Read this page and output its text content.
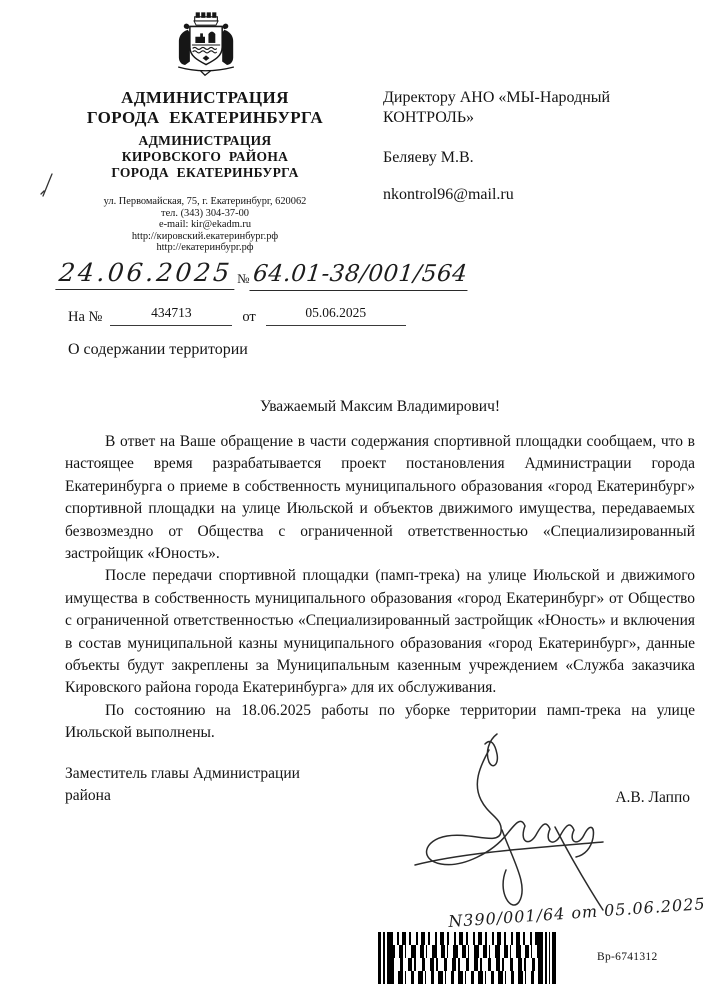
АДМИНИСТРАЦИЯ
ГОРОДА ЕКАТЕРИНБУРГА
АДМИНИСТРАЦИЯ
КИРОВСКОГО РАЙОНА
ГОРОДА ЕКАТЕРИНБУРГА
ул. Первомайская, 75, г. Екатеринбург, 620062
тел. (343) 304-37-00
e-mail: kir@ekadm.ru
http://кировский.екатеринбург.рф
http://екатеринбург.рф
Директору АНО «МЫ-Народный
КОНТРОЛЬ»
Беляеву М.В.
nkontrol96@mail.ru
24.06.2025 №64.01-38/001/564
На №	434713	от	05.06.2025
О содержании территории
Уважаемый Максим Владимирович!

В ответ на Ваше обращение в части содержания спортивной площадки сообщаем, что в настоящее время разрабатывается проект постановления Администрации города Екатеринбурга о приеме в собственность муниципального образования «город Екатеринбург» спортивной площадки на улице Июльской и объектов движимого имущества, передаваемых безвозмездно от Общества с ограниченной ответственностью «Специализированный застройщик «Юность».

После передачи спортивной площадки (памп-трека) на улице Июльской и движимого имущества в собственность муниципального образования «город Екатеринбург» от Общество с ограниченной ответственностью «Специализированный застройщик «Юность» и включения в состав муниципальной казны муниципального образования «город Екатеринбург», данные объекты будут закреплены за Муниципальным казенным учреждением «Служба заказчика Кировского района города Екатеринбурга» для их обслуживания.

По состоянию на 18.06.2025 работы по уборке территории памп-трека на улице Июльской выполнены.

Заместитель главы Администрации
района	А.В. Лаппо
N390/001/64 от 05.06.2025
Вр-6741312
